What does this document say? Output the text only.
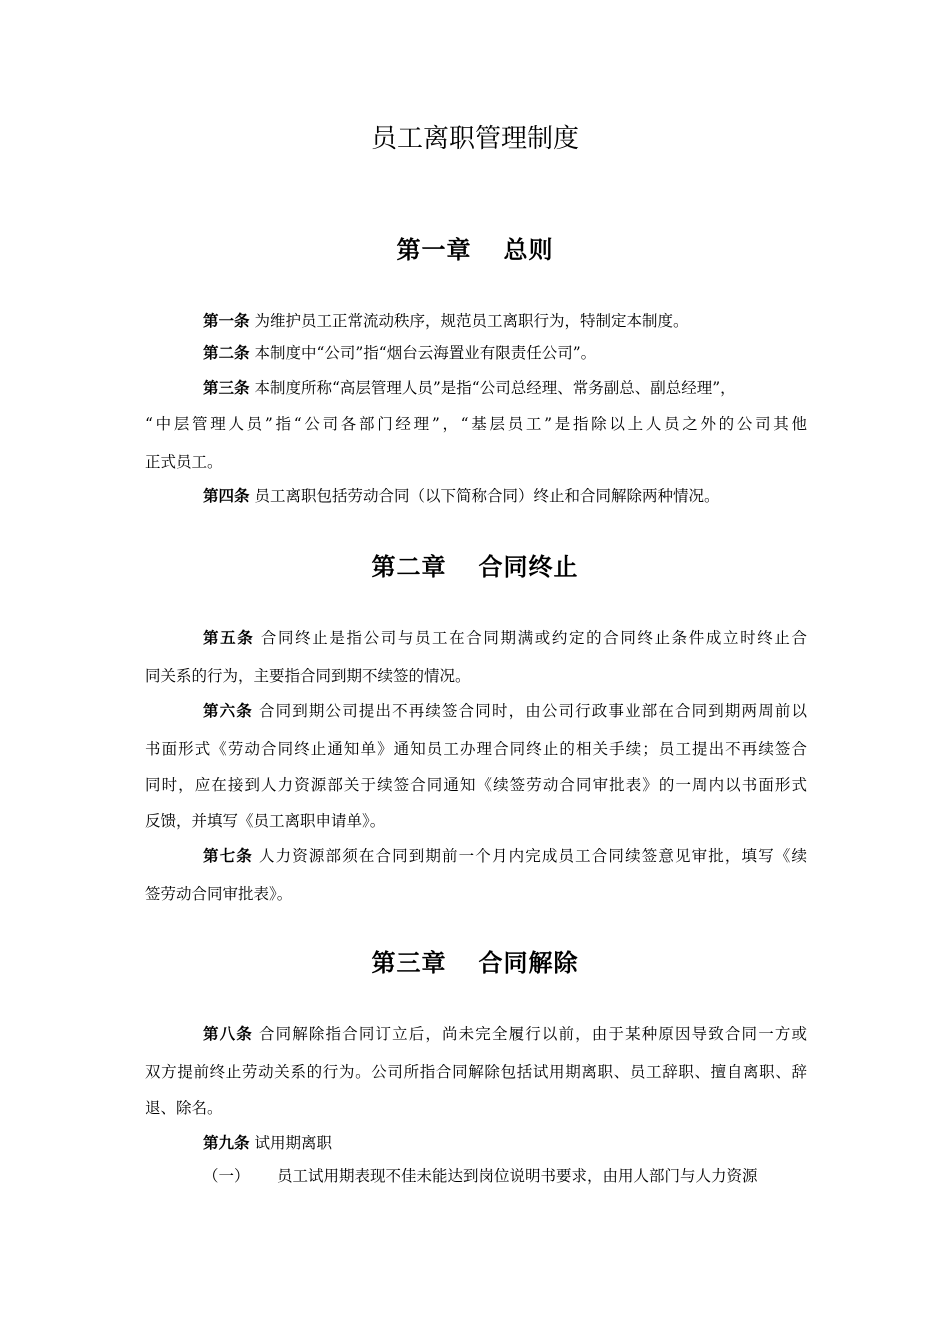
员工离职管理制度
第一章 总则

第一条 为维护员工正常流动秩序，规范员工离职行为，特制定本制度。

第二条 本制度中“公司”指“烟台云海置业有限责任公司”。

第三条 本制度所称“高层管理人员”是指“公司总经理、常务副总、副总经理”，

“中层管理人员”指“公司各部门经理”，“基层员工”是指除以上人员之外的公司其他

正式员工。

第四条 员工离职包括劳动合同（以下简称合同）终止和合同解除两种情况。

第二章 合同终止

第五条 合同终止是指公司与员工在合同期满或约定的合同终止条件成立时终止合

同关系的行为，主要指合同到期不续签的情况。

第六条 合同到期公司提出不再续签合同时，由公司行政事业部在合同到期两周前以

书面形式《劳动合同终止通知单》通知员工办理合同终止的相关手续；员工提出不再续签合

同时，应在接到人力资源部关于续签合同通知《续签劳动合同审批表》的一周内以书面形式

反馈，并填写《员工离职申请单》。

第七条 人力资源部须在合同到期前一个月内完成员工合同续签意见审批，填写《续

签劳动合同审批表》。

第三章 合同解除

第八条 合同解除指合同订立后，尚未完全履行以前，由于某种原因导致合同一方或

双方提前终止劳动关系的行为。公司所指合同解除包括试用期离职、员工辞职、擅自离职、辞

退、除名。

第九条 试用期离职

（一） 员工试用期表现不佳未能达到岗位说明书要求，由用人部门与人力资源
